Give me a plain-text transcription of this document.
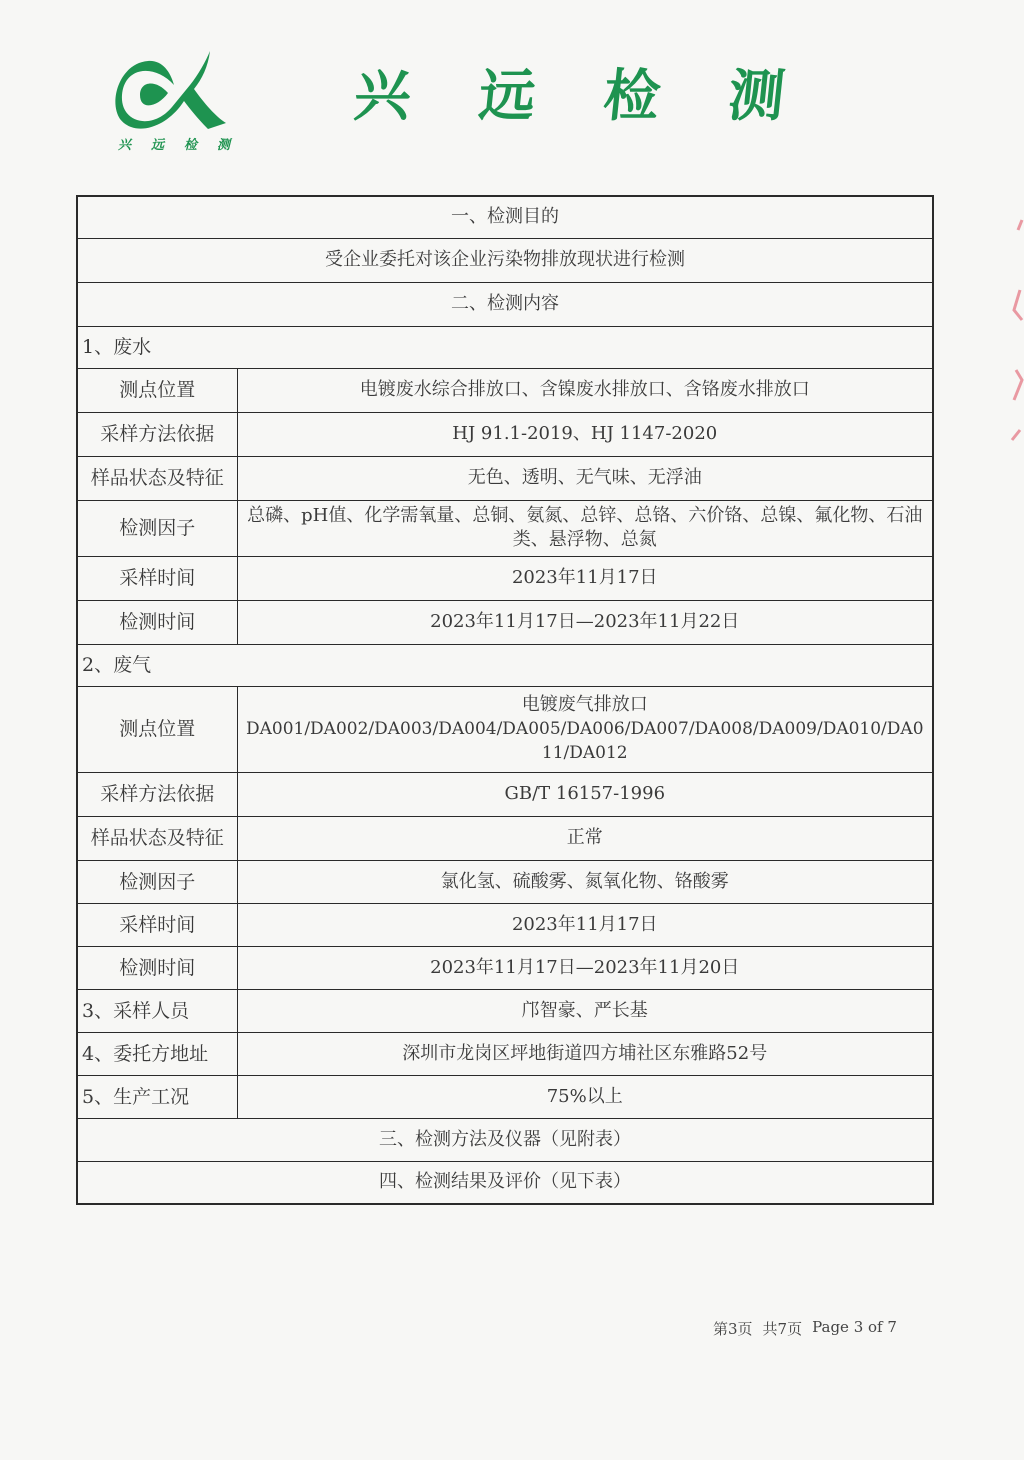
兴 远 检 测
兴 远 检 测
一、检测目的	
受企业委托对该企业污染物排放现状进行检测	
二、检测内容	
1、废水	
测点位置	电镀废水综合排放口、含镍废水排放口、含铬废水排放口
采样方法依据	HJ 91.1-2019、HJ 1147-2020
样品状态及特征	无色、透明、无气味、无浮油
检测因子	总磷、pH值、化学需氧量、总铜、氨氮、总锌、总铬、六价铬、总镍、氟化物、石油类、悬浮物、总氮
采样时间	2023年11月17日
检测时间	2023年11月17日—2023年11月22日
2、废气	
测点位置	电镀废气排放口
DA001/DA002/DA003/DA004/DA005/DA006/DA007/DA008/DA009/DA010/DA011/DA012

采样方法依据	GB/T 16157-1996
样品状态及特征	正常
检测因子	氯化氢、硫酸雾、氮氧化物、铬酸雾
采样时间	2023年11月17日
检测时间	2023年11月17日—2023年11月20日
3、采样人员	邝智豪、严长基
4、委托方地址	深圳市龙岗区坪地街道四方埔社区东雅路52号
5、生产工况	75%以上
三、检测方法及仪器（见附表）	
四、检测结果及评价（见下表）	
第3页 共7页 Page 3 of 7
